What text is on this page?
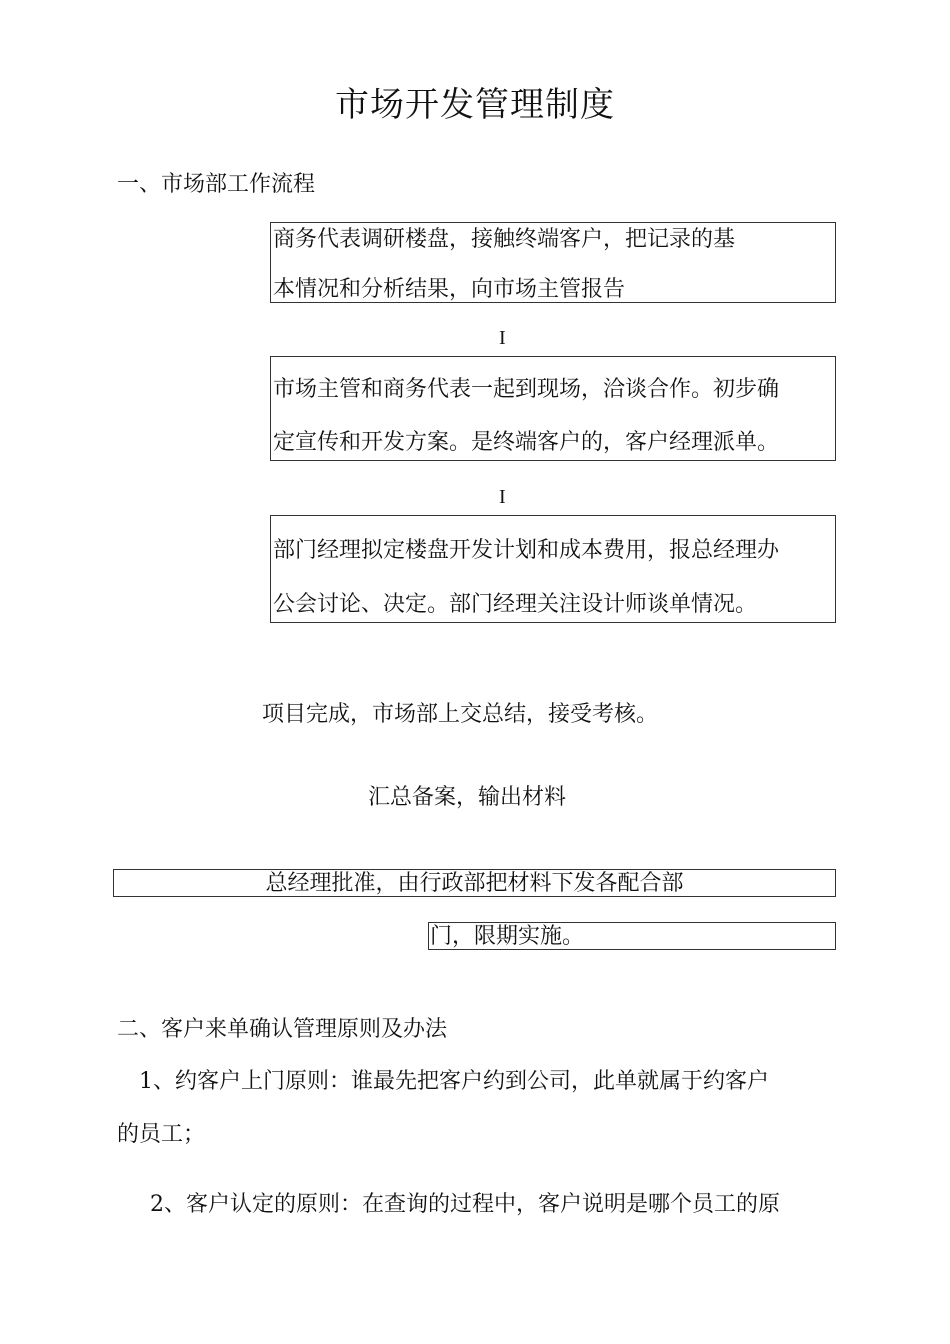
市场开发管理制度
一、市场部工作流程
商务代表调研楼盘，接触终端客户，把记录的基
本情况和分析结果，向市场主管报告
I
市场主管和商务代表一起到现场，洽谈合作。初步确
定宣传和开发方案。是终端客户的，客户经理派单。
I
部门经理拟定楼盘开发计划和成本费用，报总经理办
公会讨论、决定。部门经理关注设计师谈单情况。
项目完成，市场部上交总结，接受考核。
汇总备案，输出材料
总经理批准，由行政部把材料下发各配合部
门，限期实施。
二、客户来单确认管理原则及办法
1、约客户上门原则：谁最先把客户约到公司，此单就属于约客户
的员工；
2、客户认定的原则：在查询的过程中，客户说明是哪个员工的原
